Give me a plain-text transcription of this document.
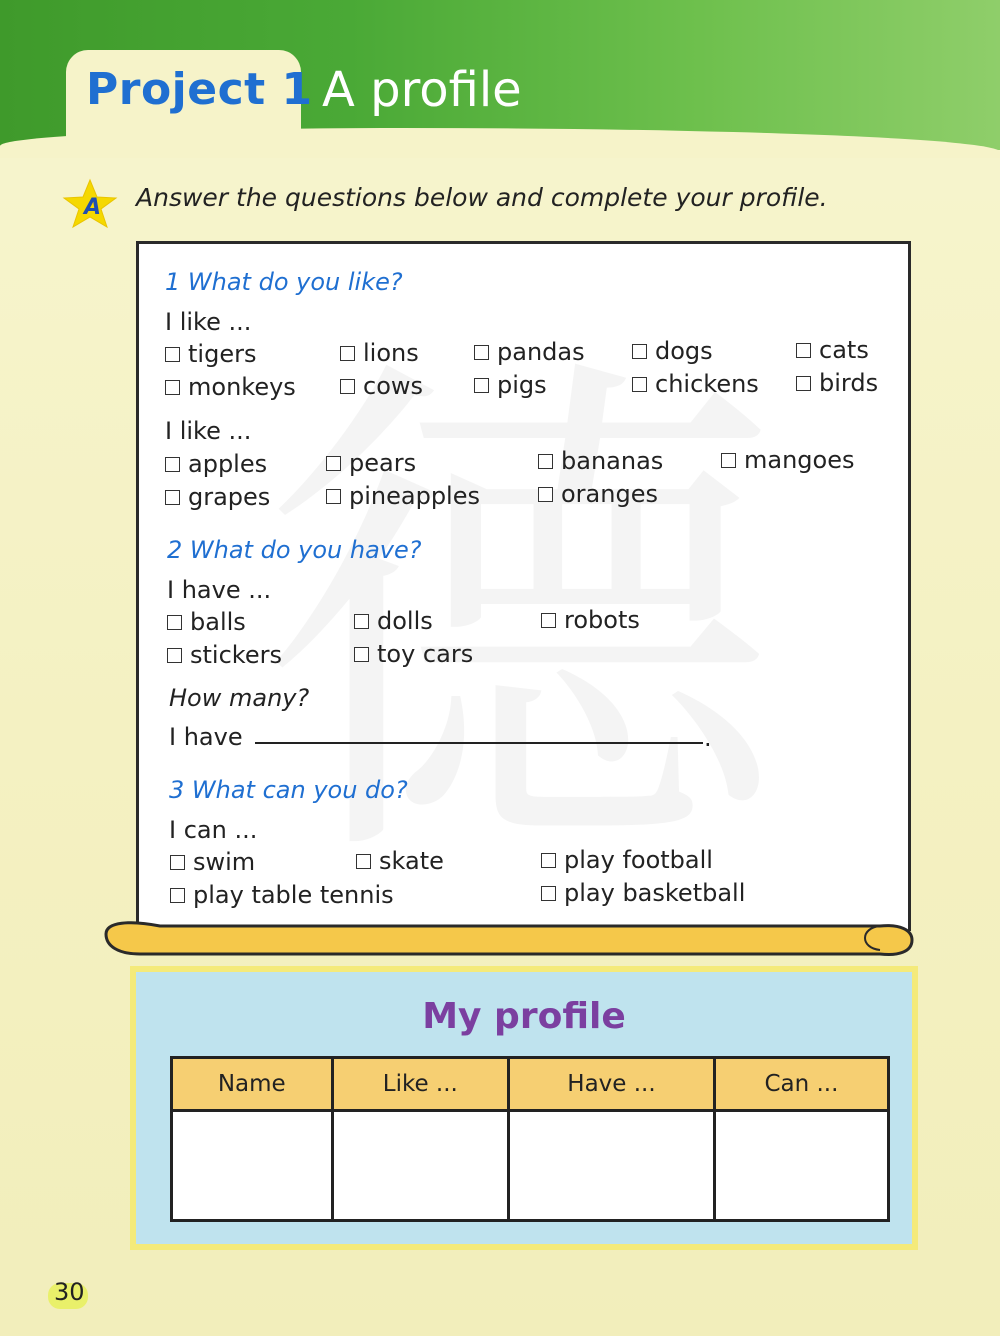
Project 1 A profile
A Answer the questions below and complete your profile.
1 What do you like?
I like ...
tigers	lions	pandas	dogs	cats
monkeys	cows	pigs	chickens	birds
I like ...
apples	pears	bananas	mangoes
grapes	pineapples	oranges
2 What do you have?
I have ...
balls	dolls	robots
stickers	toy cars
How many?
I have	.
3 What can you do?
I can ...
swim	skate	play football
play table tennis	play basketball
My profile
Name	Like ...	Have ...	Can ...

30
